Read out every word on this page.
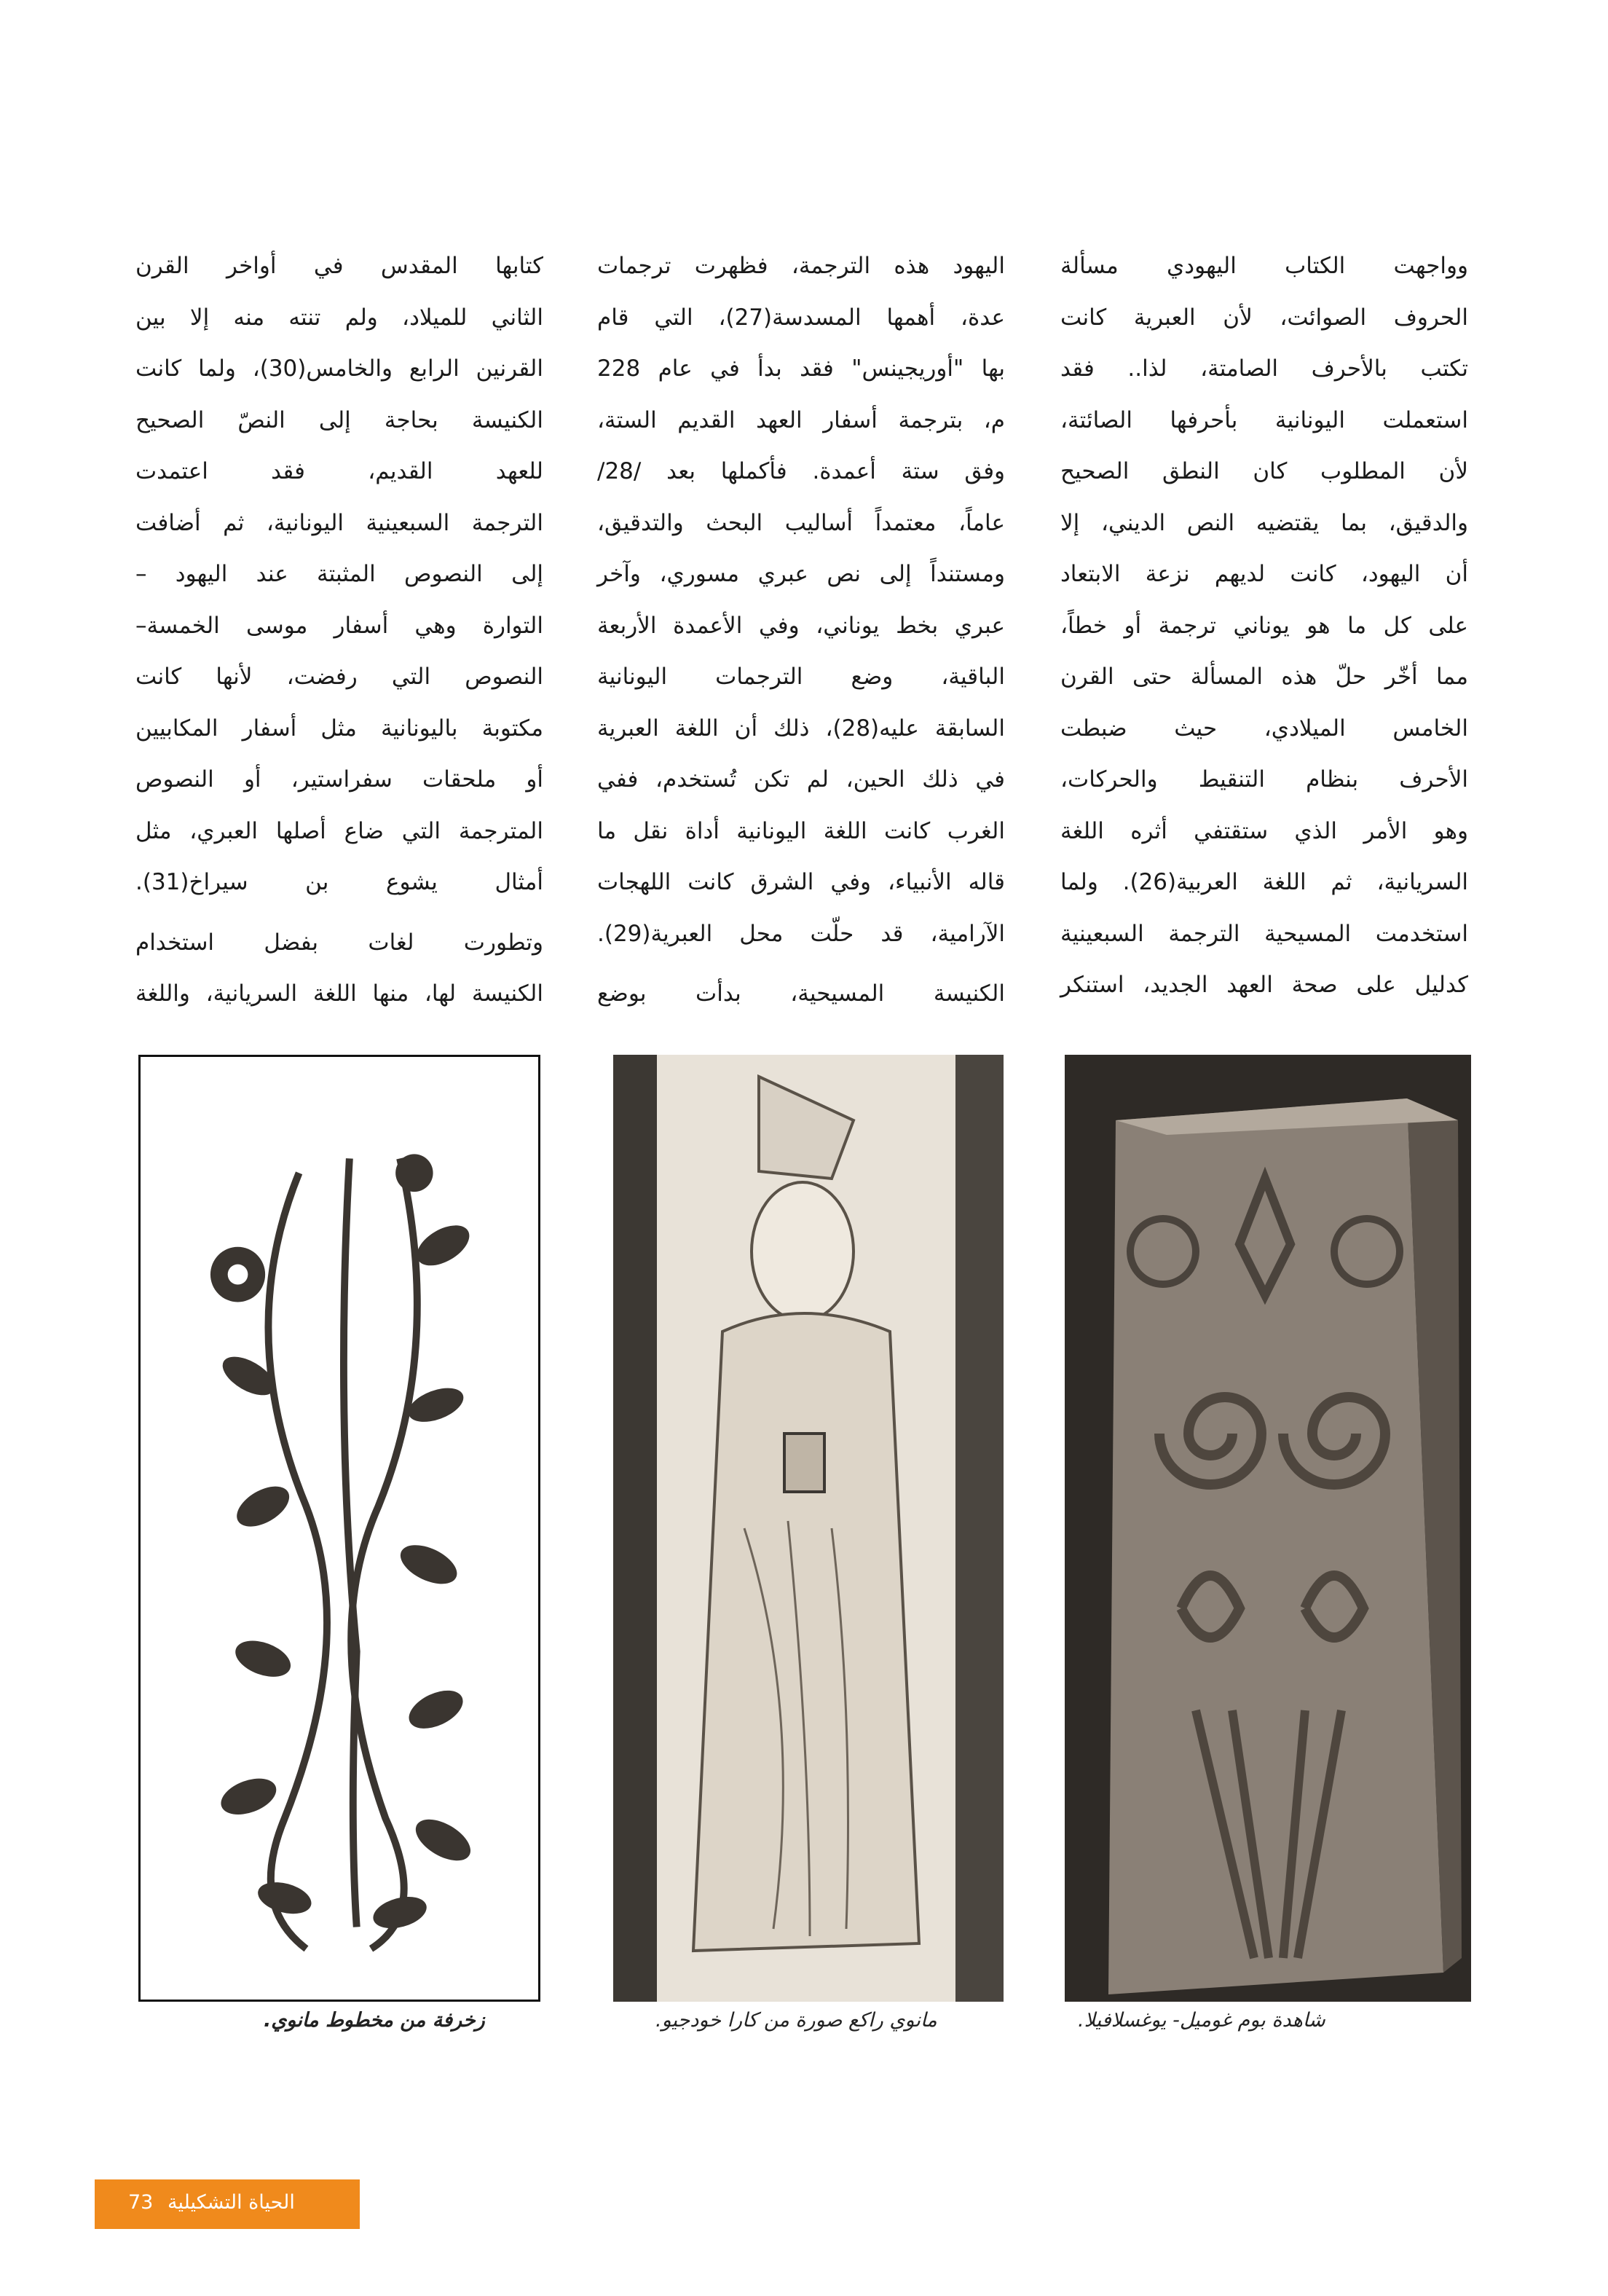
وواجهت الكتاب اليهودي مسألة
الحروف الصوائت، لأن العبرية كانت
تكتب بالأحرف الصامتة، لذا.. فقد
استعملت اليونانية بأحرفها الصائتة،
لأن المطلوب كان النطق الصحيح
والدقيق، بما يقتضيه النص الديني، إلا
أن اليهود، كانت لديهم نزعة الابتعاد
على كل ما هو يوناني ترجمة أو خطاً،
مما أخّر حلّ هذه المسألة حتى القرن
الخامس الميلادي، حيث ضبطت
الأحرف بنظام التنقيط والحركات،
وهو الأمر الذي ستقتفي أثره اللغة
السريانية، ثم اللغة العربية(26). ولما
استخدمت المسيحية الترجمة السبعينية
كدليل على صحة العهد الجديد، استنكر

اليهود هذه الترجمة، فظهرت ترجمات
عدة، أهمها المسدسة(27)، التي قام
بها "أوريجينس" فقد بدأ في عام 228
م، بترجمة أسفار العهد القديم الستة،
وفق ستة أعمدة. فأكملها بعد /28/
عاماً، معتمداً أساليب البحث والتدقيق،
ومستنداً إلى نص عبري مسوري، وآخر
عبري بخط يوناني، وفي الأعمدة الأربعة
الباقية، وضع الترجمات اليونانية
السابقة عليه(28)، ذلك أن اللغة العبرية
في ذلك الحين، لم تكن تُستخدم، ففي
الغرب كانت اللغة اليونانية أداة نقل ما
قاله الأنبياء، وفي الشرق كانت اللهجات
الآرامية، قد حلّت محل العبرية(29).

الكنيسة المسيحية، بدأت بوضع

كتابها المقدس في أواخر القرن
الثاني للميلاد، ولم تنته منه إلا بين
القرنين الرابع والخامس(30)، ولما كانت
الكنيسة بحاجة إلى النصّ الصحيح
للعهد القديم، فقد اعتمدت
الترجمة السبعينية اليونانية، ثم أضافت
إلى النصوص المثبتة عند اليهود –
التوارة وهي أسفار موسى الخمسة–
النصوص التي رفضت، لأنها كانت
مكتوبة باليونانية مثل أسفار المكابيين
أو ملحقات سفراستير، أو النصوص
المترجمة التي ضاع أصلها العبري، مثل
أمثال يشوع بن سيراخ(31).

وتطورت لغات بفضل استخدام
الكنيسة لها، منها اللغة السريانية، واللغة

شاهدة بوم غوميل- يوغسلافيلا.
مانوي راكع صورة من كارا خودجيو.
زخرفة من مخطوط مانوي.
الحياة التشكيلية
73
